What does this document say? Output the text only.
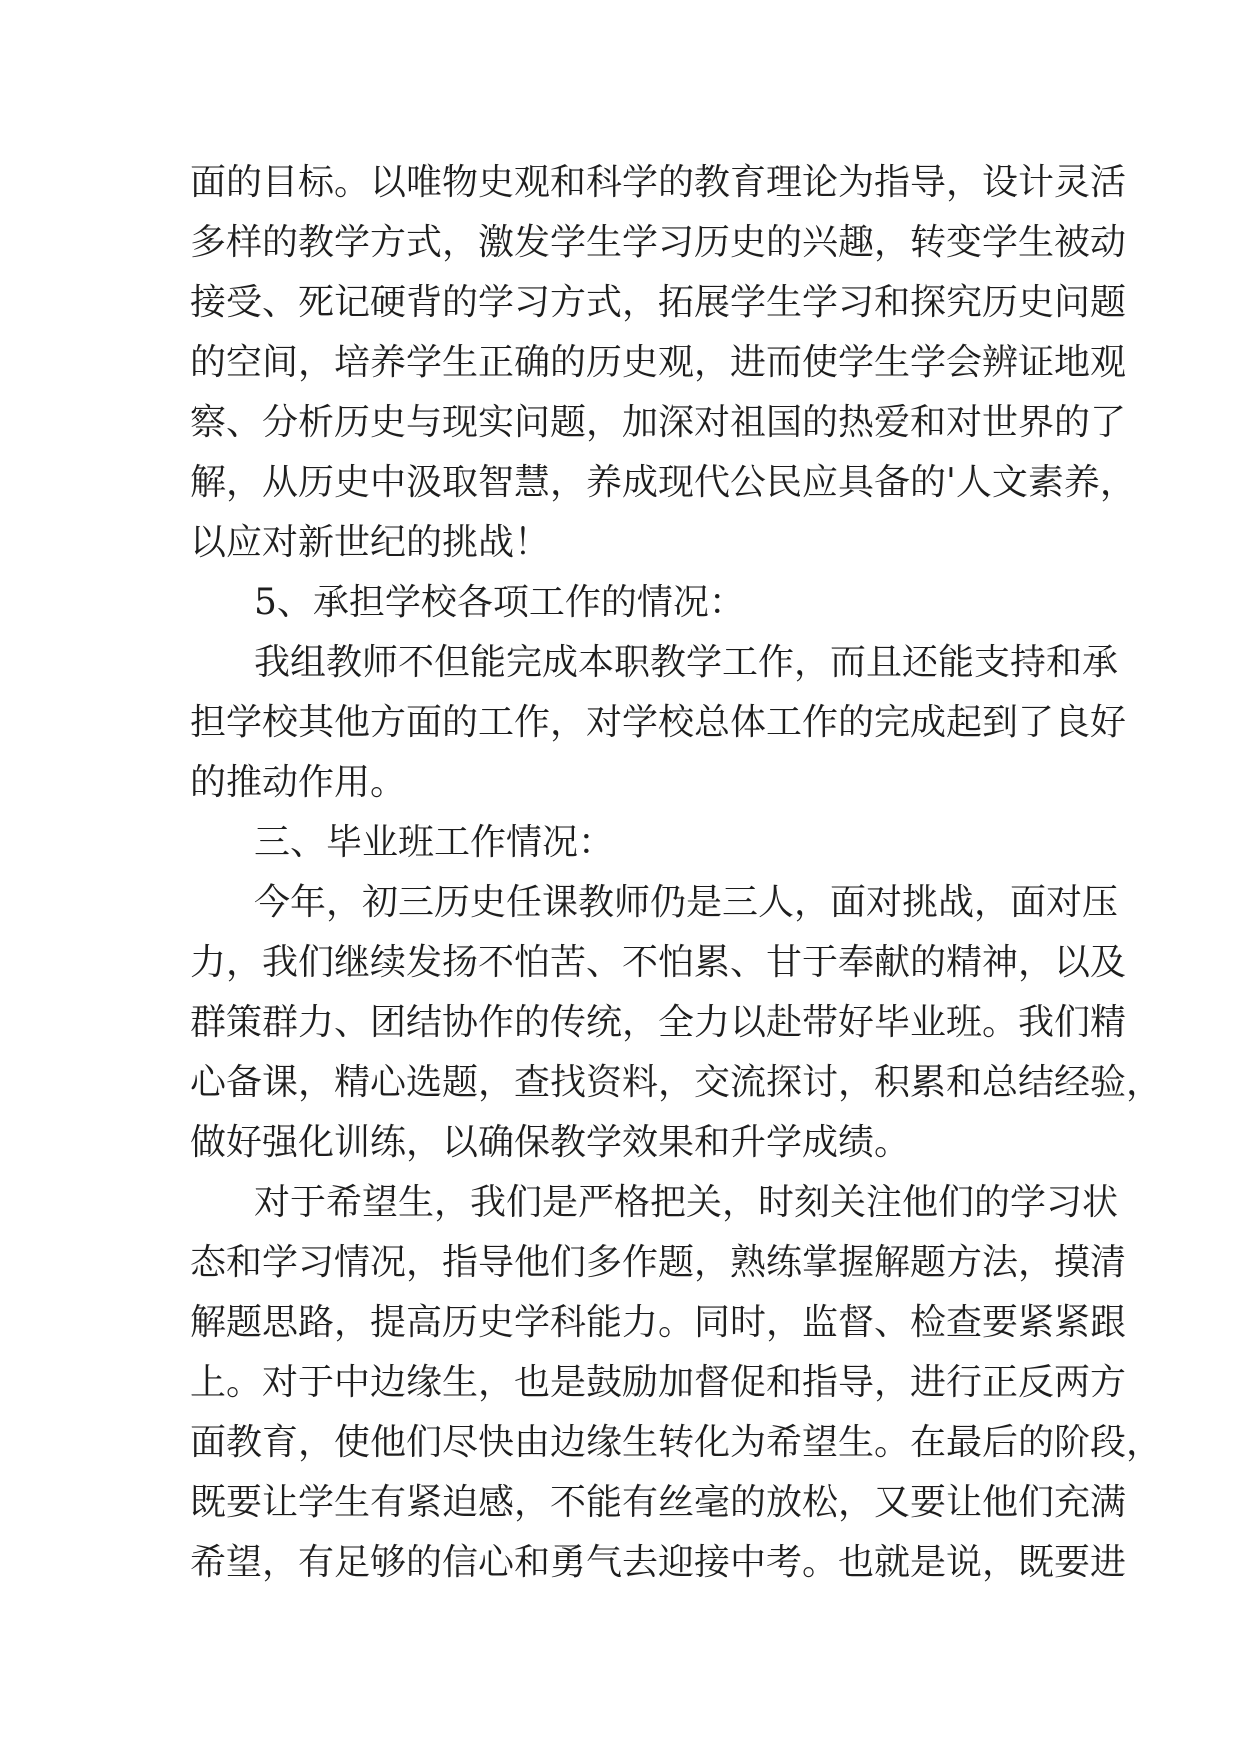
面的目标。以唯物史观和科学的教育理论为指导，设计灵活
多样的教学方式，激发学生学习历史的兴趣，转变学生被动
接受、死记硬背的学习方式，拓展学生学习和探究历史问题
的空间，培养学生正确的历史观，进而使学生学会辨证地观
察、分析历史与现实问题，加深对祖国的热爱和对世界的了
解，从历史中汲取智慧，养成现代公民应具备的'人文素养，
以应对新世纪的挑战！
5、承担学校各项工作的情况：
我组教师不但能完成本职教学工作，而且还能支持和承
担学校其他方面的工作，对学校总体工作的完成起到了良好
的推动作用。
三、毕业班工作情况：
今年，初三历史任课教师仍是三人，面对挑战，面对压
力，我们继续发扬不怕苦、不怕累、甘于奉献的精神，以及
群策群力、团结协作的传统，全力以赴带好毕业班。我们精
心备课，精心选题，查找资料，交流探讨，积累和总结经验，
做好强化训练，以确保教学效果和升学成绩。
对于希望生，我们是严格把关，时刻关注他们的学习状
态和学习情况，指导他们多作题，熟练掌握解题方法，摸清
解题思路，提高历史学科能力。同时，监督、检查要紧紧跟
上。对于中边缘生，也是鼓励加督促和指导，进行正反两方
面教育，使他们尽快由边缘生转化为希望生。在最后的阶段，
既要让学生有紧迫感，不能有丝毫的放松，又要让他们充满
希望，有足够的信心和勇气去迎接中考。也就是说，既要进
